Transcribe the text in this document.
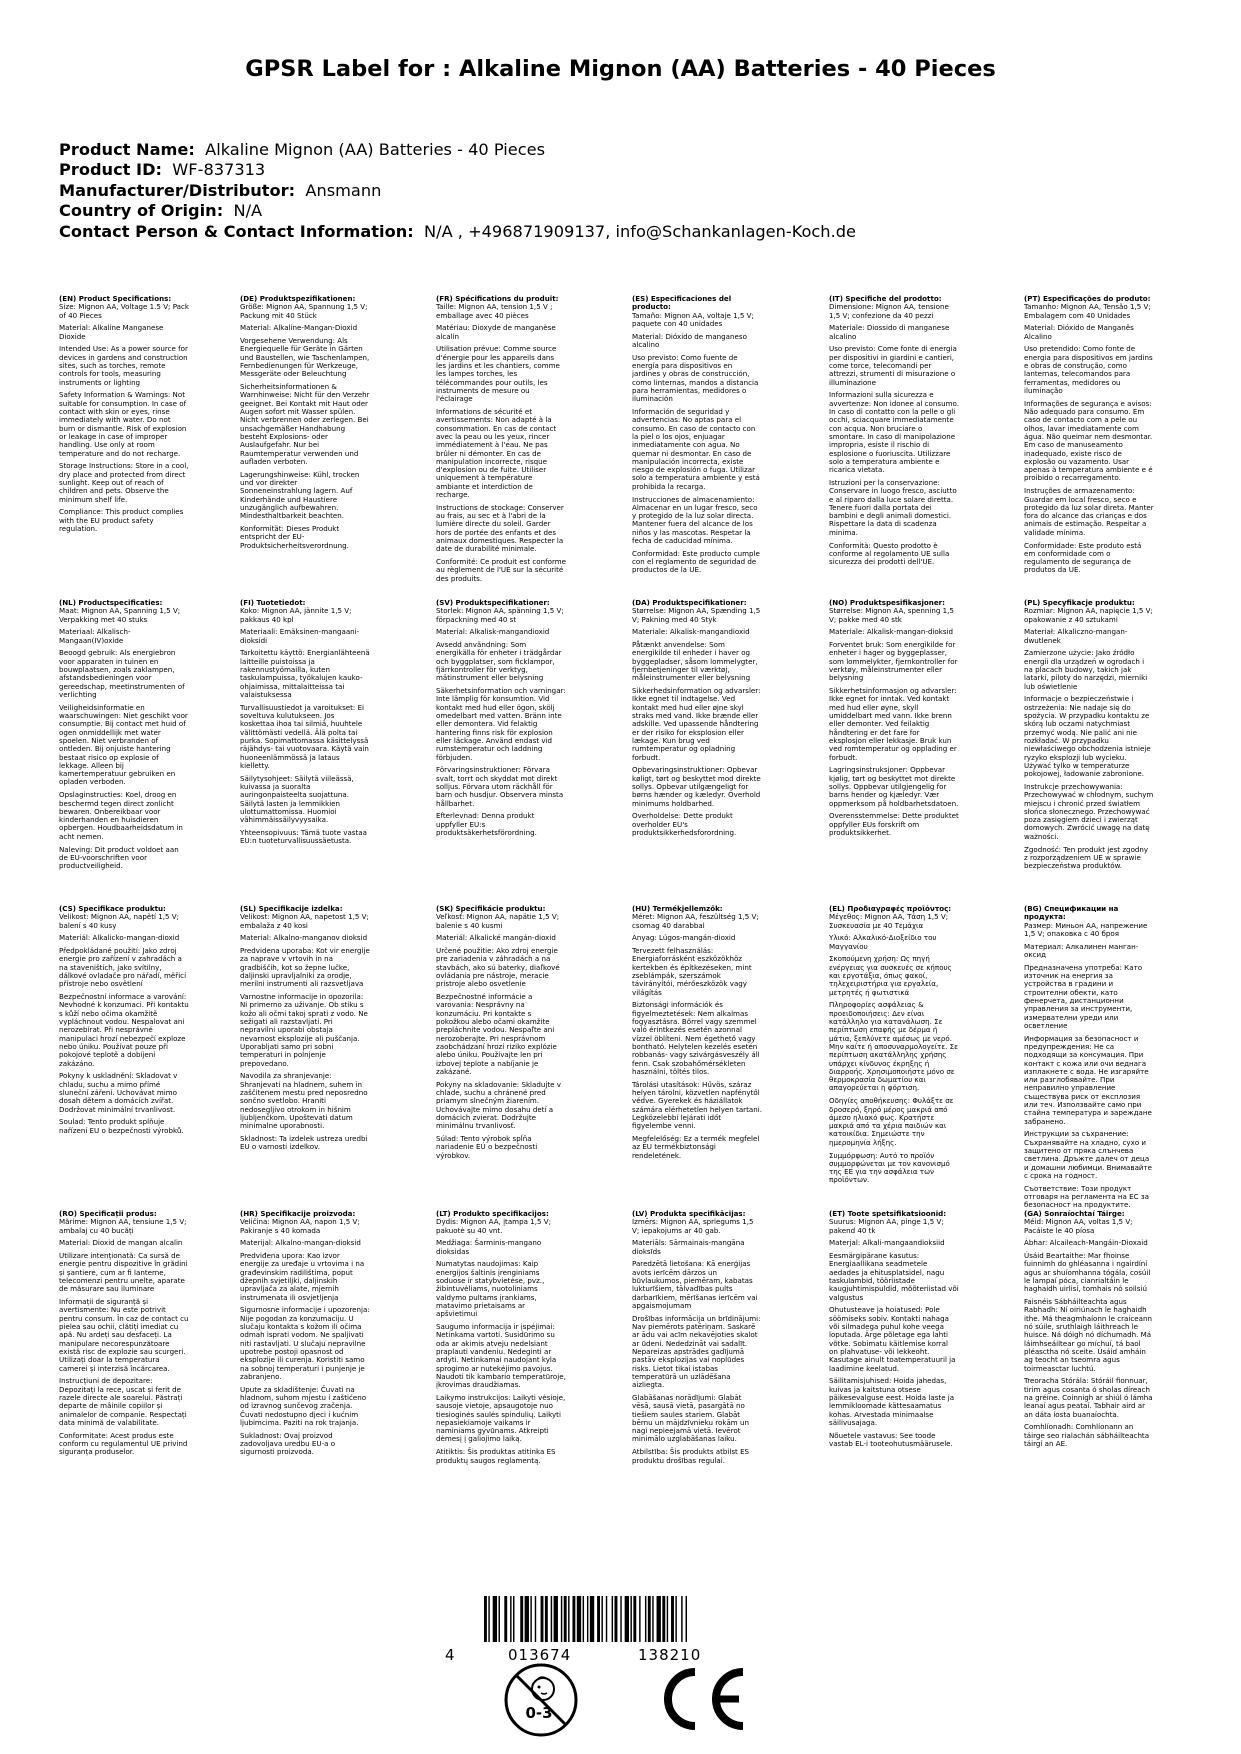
GPSR Label for : Alkaline Mignon (AA) Batteries - 40 Pieces
Product Name: Alkaline Mignon (AA) Batteries - 40 Pieces
Product ID: WF-837313
Manufacturer/Distributor: Ansmann
Country of Origin: N/A
Contact Person & Contact Information: N/A , +496871909137, info@Schankanlagen-Koch.de

(EN) Product Specifications:
Size: Mignon AA, Voltage 1.5 V; Pack of 40 Pieces

Material: Alkaline Manganese Dioxide

Intended Use: As a power source for devices in gardens and construction sites, such as torches, remote controls for tools, measuring instruments or lighting

Safety Information & Warnings: Not suitable for consumption. In case of contact with skin or eyes, rinse immediately with water. Do not burn or dismantle. Risk of explosion or leakage in case of improper handling. Use only at room temperature and do not recharge.

Storage Instructions: Store in a cool, dry place and protected from direct sunlight. Keep out of reach of children and pets. Observe the minimum shelf life.

Compliance: This product complies with the EU product safety regulation.

(DE) Produktspezifikationen:
Größe: Mignon AA, Spannung 1,5 V; Packung mit 40 Stück

Material: Alkaline-Mangan-Dioxid

Vorgesehene Verwendung: Als Energiequelle für Geräte in Gärten und Baustellen, wie Taschenlampen, Fernbedienungen für Werkzeuge, Messgeräte oder Beleuchtung

Sicherheitsinformationen & Warnhinweise: Nicht für den Verzehr geeignet. Bei Kontakt mit Haut oder Augen sofort mit Wasser spülen. Nicht verbrennen oder zerlegen. Bei unsachgemäßer Handhabung besteht Explosions- oder Auslaufgefahr. Nur bei Raumtemperatur verwenden und aufladen verboten.

Lagerungshinweise: Kühl, trocken und vor direkter Sonneneinstrahlung lagern. Auf Kinderhände und Haustiere unzugänglich aufbewahren. Mindesthaltbarkeit beachten.

Konformität: Dieses Produkt entspricht der EU-Produktsicherheitsverordnung.

(FR) Spécifications du produit:
Taille: Mignon AA, tension 1,5 V ; emballage avec 40 pièces

Matériau: Dioxyde de manganèse alcalin

Utilisation prévue: Comme source d'énergie pour les appareils dans les jardins et les chantiers, comme les lampes torches, les télécommandes pour outils, les instruments de mesure ou l'éclairage

Informations de sécurité et avertissements: Non adapté à la consommation. En cas de contact avec la peau ou les yeux, rincer immédiatement à l'eau. Ne pas brûler ni démonter. En cas de manipulation incorrecte, risque d'explosion ou de fuite. Utiliser uniquement à température ambiante et interdiction de recharge.

Instructions de stockage: Conserver au frais, au sec et à l'abri de la lumière directe du soleil. Garder hors de portée des enfants et des animaux domestiques. Respecter la date de durabilité minimale.

Conformité: Ce produit est conforme au règlement de l'UE sur la sécurité des produits.

(ES) Especificaciones del producto:
Tamaño: Mignon AA, voltaje 1,5 V; paquete con 40 unidades

Material: Dióxido de manganeso alcalino

Uso previsto: Como fuente de energía para dispositivos en jardines y obras de construcción, como linternas, mandos a distancia para herramientas, medidores o iluminación

Información de seguridad y advertencias: No aptas para el consumo. En caso de contacto con la piel o los ojos, enjuagar inmediatamente con agua. No quemar ni desmontar. En caso de manipulación incorrecta, existe riesgo de explosión o fuga. Utilizar solo a temperatura ambiente y está prohibida la recarga.

Instrucciones de almacenamiento: Almacenar en un lugar fresco, seco y protegido de la luz solar directa. Mantener fuera del alcance de los niños y las mascotas. Respetar la fecha de caducidad mínima.

Conformidad: Este producto cumple con el reglamento de seguridad de productos de la UE.

(IT) Specifiche del prodotto:
Dimensione: Mignon AA, tensione 1,5 V; confezione da 40 pezzi

Materiale: Diossido di manganese alcalino

Uso previsto: Come fonte di energia per dispositivi in giardini e cantieri, come torce, telecomandi per attrezzi, strumenti di misurazione o illuminazione

Informazioni sulla sicurezza e avvertenze: Non idonee al consumo. In caso di contatto con la pelle o gli occhi, sciacquare immediatamente con acqua. Non bruciare o smontare. In caso di manipolazione impropria, esiste il rischio di esplosione o fuoriuscita. Utilizzare solo a temperatura ambiente e ricarica vietata.

Istruzioni per la conservazione: Conservare in luogo fresco, asciutto e al riparo dalla luce solare diretta. Tenere fuori dalla portata dei bambini e degli animali domestici. Rispettare la data di scadenza minima.

Conformità: Questo prodotto è conforme al regolamento UE sulla sicurezza dei prodotti dell'UE.

(PT) Especificações do produto:
Tamanho: Mignon AA, Tensão 1,5 V; Embalagem com 40 Unidades

Material: Dióxido de Manganês Alcalino

Uso pretendido: Como fonte de energia para dispositivos em jardins e obras de construção, como lanternas, telecomandos para ferramentas, medidores ou iluminação

Informações de segurança e avisos: Não adequado para consumo. Em caso de contacto com a pele ou olhos, lavar imediatamente com água. Não queimar nem desmontar. Em caso de manuseamento inadequado, existe risco de explosão ou vazamento. Usar apenas à temperatura ambiente e é proibido o recarregamento.

Instruções de armazenamento: Guardar em local fresco, seco e protegido da luz solar direta. Manter fora do alcance das crianças e dos animais de estimação. Respeitar a validade mínima.

Conformidade: Este produto está em conformidade com o regulamento de segurança de produtos da UE.

(NL) Productspecificaties:
Maat: Mignon AA, Spanning 1,5 V; Verpakking met 40 stuks

Materiaal: Alkalisch-Mangaan(IV)oxide

Beoogd gebruik: Als energiebron voor apparaten in tuinen en bouwplaatsen, zoals zaklampen, afstandsbedieningen voor gereedschap, meetinstrumenten of verlichting

Veiligheidsinformatie en waarschuwingen: Niet geschikt voor consumptie. Bij contact met huid of ogen onmiddellijk met water spoelen. Niet verbranden of ontleden. Bij onjuiste hantering bestaat risico op explosie of lekkage. Alleen bij kamertemperatuur gebruiken en opladen verboden.

Opslaginstructies: Koel, droog en beschermd tegen direct zonlicht bewaren. Onbereikbaar voor kinderhanden en huisdieren opbergen. Houdbaarheidsdatum in acht nemen.

Naleving: Dit product voldoet aan de EU-voorschriften voor productveiligheid.

(FI) Tuotetiedot:
Koko: Mignon AA, jännite 1,5 V; pakkaus 40 kpl

Materiaali: Emäksinen-mangaani-dioksidi

Tarkoitettu käyttö: Energianlähteenä laitteille puistoissa ja rakennustyömailla, kuten taskulampuissa, työkalujen kauko-ohjaimissa, mittalaitteissa tai valaistuksessa

Turvallisuustiedot ja varoitukset: Ei soveltuva kulutukseen. Jos koskettaa ihoa tai silmiä, huuhtele välittömästi vedellä. Älä polta tai purka. Sopimattomassa käsittelyssä räjähdys- tai vuotovaara. Käytä vain huoneenlämmössä ja lataus kielletty.

Säilytysohjeet: Säilytä viileässä, kuivassa ja suoralta auringonpaisteelta suojattuna. Säilytä lasten ja lemmikkien ulottumattomissa. Huomioi vähimmäissäilyvyysaika.

Yhteensopivuus: Tämä tuote vastaa EU:n tuoteturvallisuussäetusta.

(SV) Produktspecifikationer:
Storlek: Mignon AA, spänning 1,5 V; förpackning med 40 st

Material: Alkalisk-mangandioxid

Avsedd användning: Som energikälla för enheter i trädgårdar och byggplatser, som ficklampor, fjärrkontroller för verktyg, mätinstrument eller belysning

Säkerhetsinformation och varningar: Inte lämplig för konsumtion. Vid kontakt med hud eller ögon, skölj omedelbart med vatten. Bränn inte eller demontera. Vid felaktig hantering finns risk för explosion eller läckage. Använd endast vid rumstemperatur och laddning förbjuden.

Förvaringsinstruktioner: Förvara svalt, torrt och skyddat mot direkt solljus. Förvara utom räckhåll för barn och husdjur. Observera minsta hållbarhet.

Efterlevnad: Denna produkt uppfyller EU:s produktsäkerhetsförordning.

(DA) Produktspecifikationer:
Størrelse: Mignon AA, Spænding 1,5 V; Pakning med 40 Styk

Materiale: Alkalisk-mangandioxid

Påtænkt anvendelse: Som energikilde til enheder i haver og byggepladser, såsom lommelygter, fjernbetjeninger til værktøj, måleinstrumenter eller belysning

Sikkerhedsinformation og advarsler: Ikke egnet til indtagelse. Ved kontakt med hud eller øjne skyl straks med vand. Ikke brænde eller adskille. Ved upassende håndtering er der risiko for eksplosion eller lækage. Kun brug ved rumtemperatur og opladning forbudt.

Opbevaringsinstruktioner: Opbevar køligt, tørt og beskyttet mod direkte sollys. Opbevar utilgængeligt for børns hænder og kæledyr. Overhold minimums holdbarhed.

Overholdelse: Dette produkt overholder EU's produktsikkerhedsforordning.

(NO) Produktspesifikasjoner:
Størrelse: Mignon AA, spenning 1,5 V; pakke med 40 stk

Materiale: Alkalisk-mangan-dioksid

Forventet bruk: Som energikilde for enheter i hager og byggeplasser, som lommelykter, fjernkontroller for verktøy, måleinstrumenter eller belysning

Sikkerhetsinformasjon og advarsler: Ikke egnet for inntak. Ved kontakt med hud eller øyne, skyll umiddelbart med vann. Ikke brenn eller demonter. Ved feilaktig håndtering er det fare for eksplosjon eller lekkasje. Bruk kun ved romtemperatur og opplading er forbudt.

Lagringsinstruksjoner: Oppbevar kjølig, tørt og beskyttet mot direkte sollys. Oppbevar utilgjengelig for barns hender og kjæledyr. Vær oppmerksom på holdbarhetsdatoen.

Overensstemmelse: Dette produktet oppfyller EUs forskrift om produktsikkerhet.

(PL) Specyfikacje produktu:
Rozmiar: Mignon AA, napięcie 1,5 V; opakowanie z 40 sztukami

Materiał: Alkaliczno-mangan-dwutlenek

Zamierzone użycie: Jako źródło energii dla urządzeń w ogrodach i na placach budowy, takich jak latarki, piloty do narzędzi, mierniki lub oświetlenie

Informacje o bezpieczeństwie i ostrzeżenia: Nie nadaje się do spożycia. W przypadku kontaktu ze skórą lub oczami natychmiast przemyć wodą. Nie palić ani nie rozkładać. W przypadku niewłaściwego obchodzenia istnieje ryzyko eksplozji lub wycieku. Używać tylko w temperaturze pokojowej, ładowanie zabronione.

Instrukcje przechowywania: Przechowywać w chłodnym, suchym miejscu i chronić przed światłem słońca słonecznego. Przechowywać poza zasięgiem dzieci i zwierząt domowych. Zwrócić uwagę na datę ważności.

Zgodność: Ten produkt jest zgodny z rozporządzeniem UE w sprawie bezpieczeństwa produktów.

(CS) Specifikace produktu:
Velikost: Mignon AA, napětí 1,5 V; balení s 40 kusy

Materiál: Alkalicko-mangan-dioxid

Předpokládané použití: Jako zdroj energie pro zařízení v zahradách a na staveništích, jako svítilny, dálkové ovladače pro nářadí, měřicí přístroje nebo osvětlení

Bezpečnostní informace a varování: Nevhodné k konzumaci. Při kontaktu s kůží nebo očima okamžitě vypláchnout vodou. Nespalovat ani nerozebírat. Při nesprávné manipulaci hrozí nebezpečí exploze nebo úniku. Používat pouze při pokojové teplotě a dobíjení zakázáno.

Pokyny k uskladnění: Skladovat v chladu, suchu a mimo přímé sluneční záření. Uchovávat mimo dosah dětem a domácích zvířat. Dodržovat minimální trvanlivost.

Soulad: Tento produkt splňuje nařízení EU o bezpečnosti výrobků.

(SL) Specifikacije izdelka:
Velikost: Mignon AA, napetost 1,5 V; embalaža z 40 kosi

Material: Alkalno-manganov dioksid

Predvidena uporaba: Kot vir energije za naprave v vrtovih in na gradbiščih, kot so žepne lučke, daljinski upravljalniki za orodje, merilni instrumenti ali razsvetljava

Varnostne informacije in opozorila: Ni primerno za uživanje. Ob stiku s kožo ali očmi takoj sprati z vodo. Ne sežigati ali razstavljati. Pri nepravilni uporabi obstaja nevarnost eksplozije ali puščanja. Uporabljati samo pri sobni temperaturi in polnjenje prepovedano.

Navodila za shranjevanje: Shranjevati na hladnem, suhem in zaščitenem mestu pred neposredno sončno svetlobo. Hraniti nedosegljivo otrokom in hišnim ljubljenčkom. Upoštevati datum minimalne uporabnosti.

Skladnost: Ta izdelek ustreza uredbi EU o varnosti izdelkov.

(SK) Špecifikácie produktu:
Veľkosť: Mignon AA, napätie 1,5 V; balenie s 40 kusmi

Materiál: Alkalické mangán-dioxid

Určené použitie: Ako zdroj energie pre zariadenia v záhradách a na stavbách, ako sú baterky, diaľkové ovládania pre nástroje, meracie prístroje alebo osvetlenie

Bezpečnostné informácie a varovania: Nesprávny na konzumáciu. Pri kontakte s pokožkou alebo očami okamžite prepláchnite vodou. Nespaľte ani nerozoberajte. Pri nesprávnom zaobchádzaní hrozí riziko explózie alebo úniku. Používajte len pri izbovej teplote a nabíjanie je zakázané.

Pokyny na skladovanie: Skladujte v chlade, suchu a chránené pred priamym slnečným žiarením. Uchovávajte mimo dosahu detí a domácich zvierat. Dodržujte minimálnu trvanlivosť.

Súlad: Tento výrobok spĺňa nariadenie EÚ o bezpečnosti výrobkov.

(HU) Termékjellemzők:
Méret: Mignon AA, feszültség 1,5 V; csomag 40 darabbal

Anyag: Lúgos-mangán-dioxid

Tervezett felhasználás: Energiaforrásként eszközökhöz kertekben és építkezéseken, mint zseblámpák, szerszámok távirányítói, mérőeszközök vagy világítás

Biztonsági információk és figyelmeztetések: Nem alkalmas fogyasztásra. Bőrrel vagy szemmel való érintkezés esetén azonnal vízzel öblíteni. Nem égethető vagy bontható. Helytelen kezelés esetén robbanás- vagy szivárgásveszély áll fenn. Csak szobahőmérsékleten használni, töltés tilos.

Tárolási utasítások: Hűvös, száraz helyen tárolni, közvetlen napfénytől védve. Gyerekek és háziállatok számára elérhetetlen helyen tartani. Legközelebbi lejárati időt figyelembe venni.

Megfelelőség: Ez a termék megfelel az EU termékbiztonsági rendeletének.

(EL) Προδιαγραφές προϊόντος:
Μέγεθος: Mignon AA, Τάση 1,5 V; Συσκευασία με 40 Τεμάχια

Υλικό: Αλκαλικό-Διοξείδιο του Μαγγανίου

Σκοπούμενη χρήση: Ως πηγή ενέργειας για συσκευές σε κήπους και εργοτάξια, όπως φακοί, τηλεχειριστήρια για εργαλεία, μετρητές ή φωτιστικά

Πληροφορίες ασφάλειας & προειδοποιήσεις: Δεν είναι κατάλληλο για κατανάλωση. Σε περίπτωση επαφής με δέρμα ή μάτια, ξεπλύνετε αμέσως με νερό. Μην καίτε ή αποσυναρμολογείτε. Σε περίπτωση ακατάλληλης χρήσης υπάρχει κίνδυνος έκρηξης ή διαρροής. Χρησιμοποιήστε μόνο σε θερμοκρασία δωματίου και απαγορεύεται η φόρτιση.

Οδηγίες αποθήκευσης: Φυλάξτε σε δροσερό, ξηρό μέρος μακριά από άμεσο ηλιακό φως. Κρατήστε μακριά από τα χέρια παιδιών και κατοικίδια. Σημειώστε την ημερομηνία λήξης.

Συμμόρφωση: Αυτό το προϊόν συμμορφώνεται με τον κανονισμό της ΕΕ για την ασφάλεια των προϊόντων.

(BG) Спецификации на продукта:
Размер: Миньон AA, напрежение 1,5 V; опаковка с 40 броя

Материал: Алкалинен манган-оксид

Предназначена употреба: Като източник на енергия за устройства в градини и строителни обекти, като фенерчета, дистанционни управления за инструменти, измервателни уреди или осветление

Информация за безопасност и предупреждения: Не са подходящи за консумация. При контакт с кожа или очи веднага изплакнете с вода. Не изгаряйте или разглобявайте. При неправилно управление съществува риск от експлозия или теч. Използвайте само при стайна температура и зареждане забранено.

Инструкции за съхранение: Съхранявайте на хладно, сухо и защитено от пряка слънчева светлина. Дръжте далеч от деца и домашни любимци. Внимавайте с срока на годност.

Съответствие: Този продукт отговаря на регламента на ЕС за безопасност на продуктите.

(RO) Specificații produs:
Mărime: Mignon AA, tensiune 1,5 V; ambalaj cu 40 bucăți

Material: Dioxid de mangan alcalin

Utilizare intenționată: Ca sursă de energie pentru dispozitive în grădini și șantiere, cum ar fi lanterne, telecomenzi pentru unelte, aparate de măsurare sau iluminare

Informații de siguranță și avertismente: Nu este potrivit pentru consum. În caz de contact cu pielea sau ochii, clătiți imediat cu apă. Nu ardeți sau desfaceți. La manipulare necorespunzătoare există risc de explozie sau scurgeri. Utilizați doar la temperatura camerei și interzisă încărcarea.

Instrucțiuni de depozitare: Depozitați la rece, uscat și ferit de razele directe ale soarelui. Păstrați departe de mâinile copiilor și animalelor de companie. Respectați data minimă de valabilitate.

Conformitate: Acest produs este conform cu regulamentul UE privind siguranța produselor.

(HR) Specifikacije proizvoda:
Veličina: Mignon AA, napon 1,5 V; Pakiranje s 40 komada

Materijal: Alkalno-mangan-dioksid

Predviđena upora: Kao izvor energije za uređaje u vrtovima i na građevinskim radilištima, poput džepnih svjetiljki, daljinskih upravljača za alate, mjernih instrumenata ili osvjetljenja

Sigurnosne informacije i upozorenja: Nije pogodan za konzumaciju. U slučaju kontakta s kožom ili očima odmah isprati vodom. Ne spaljivati niti rastavljati. U slučaju nepravilne upotrebe postoji opasnost od eksplozije ili curenja. Koristiti samo na sobnoj temperaturi i punjenje je zabranjeno.

Upute za skladištenje: Čuvati na hladnom, suhom mjestu i zaštićeno od izravnog sunčevog zračenja. Čuvati nedostupno djeci i kućnim ljubimcima. Paziti na rok trajanja.

Sukladnost: Ovaj proizvod zadovoljava uredbu EU-a o sigurnosti proizvoda.

(LT) Produkto specifikacijos:
Dydis: Mignon AA, įtampa 1,5 V; pakuotė su 40 vnt.

Medžiaga: Šarminis-mangano dioksidas

Numatytas naudojimas: Kaip energijos šaltinis įrenginiams soduose ir statybvietėse, pvz., žibintuvėliams, nuotoliniams valdymo pultams įrankiams, matavimo prietaisams ar apšvietimui

Saugumo informacija ir įspėjimai: Netinkama vartoti. Susidūrimo su oda ar akimis atveju nedelsiant praplauti vandeniu. Nedeginti ar ardyti. Netinkamai naudojant kyla sprogimo ar nutekėjimo pavojus. Naudoti tik kambario temperatūroje, įkrovimas draudžiamas.

Laikymo instrukcijos: Laikyti vėsioje, sausoje vietoje, apsaugotoje nuo tiesioginės saulės spindulių. Laikyti nepasiekiamoje vaikams ir naminiams gyvūnams. Atkreipti dėmesį į galiojimo laiką.

Atitiktis: Šis produktas atitinka ES produktų saugos reglamentą.

(LV) Produkta specifikācijas:
Izmērs: Mignon AA, spriegums 1,5 V; iepakojums ar 40 gab.

Materiāls: Sārmainais-mangāna dioksīds

Paredzētā lietošana: Kā enerģijas avots ierīcēm dārzos un būvlaukumos, piemēram, kabatas lukturīšiem, tālvadības pults darbarīkiem, mērīšanas ierīcēm vai apgaismojumam

Drošības informācija un brīdinājumi: Nav piemērots patēriņam. Saskarē ar ādu vai acīm nekavējoties skalot ar ūdeni. Nededzināt vai sadalīt. Nepareizas apstrādes gadījumā pastāv eksplozijas vai noplūdes risks. Lietot tikai istabas temperatūrā un uzlādēšana aizliegta.

Glabāšanas norādījumi: Glabāt vēsā, sausā vietā, pasargātā no tiešiem saules stariem. Glabāt bērnu un mājdzīvnieku rokām un nagi nepieejamā vietā. Ievērot minimālo uzglabāšanas laiku.

Atbilstība: Šis produkts atbilst ES produktu drošības regulai.

(ET) Toote spetsifikatsioonid:
Suurus: Mignon AA, pinge 1,5 V; pakend 40 tk

Materjal: Alkali-mangaandioksiid

Eesmärgipärane kasutus: Energiaallikana seadmetele aedades ja ehitusplatsidel, nagu taskulambid, tööriistade kaugjuhtimispuldid, mõõteriistad või valgustus

Ohutusteave ja hoiatused: Pole söömiseks sobiv. Kontakti nahaga või silmadega puhul kohe veega loputada. Ärge põletage ega lahti võtke. Sobimatu käitlemise korral on plahvatuse- või lekkeoht. Kasutage ainult toatemperatuuril ja laadimine keelatud.

Säilitamisjuhised: Hoida jahedas, kuivas ja kaitstuna otsese päikesevalguse eest. Hoida laste ja lemmikloomade kättesaamatus kohas. Arvestada minimaalse säilivusajaga.

Nõuetele vastavus: See toode vastab EL-i tooteohutusmäärusele.

(GA) Sonraíochtaí Táirge:
Méid: Mignon AA, voltas 1,5 V; Pacáiste le 40 píosa

Ábhar: Alcaileach-Mangáin-Dioxaid

Úsáid Beartaithe: Mar fhoinse fuinnimh do ghléasanna i ngairdíní agus ar shuíomhanna tógála, cosúil le lampaí póca, cianrialtáin le haghaidh uirlisí, tomhais nó soilsiú

Faisnéis Sábháilteachta agus Rabhadh: Ní oiriúnach le haghaidh ithe. Má theagmhaíonn le craiceann nó súile, sruthlaigh láithreach le huisce. Ná dóigh nó díchumadh. Má láimhseáiltear go míchuí, tá baol pléasctha nó sceite. Úsáid amháin ag teocht an tseomra agus toirmeasctar luchtú.

Treoracha Stórála: Stóráil fionnuar, tirim agus cosanta ó sholas díreach na gréine. Coinnigh ar shiúl ó lámha leanaí agus peataí. Tabhair aird ar an dáta íosta buanaíochta.

Comhlíonadh: Comhlíonann an táirge seo rialachán sábháilteachta táirgí an AE.

4	013674	138210
0-3
